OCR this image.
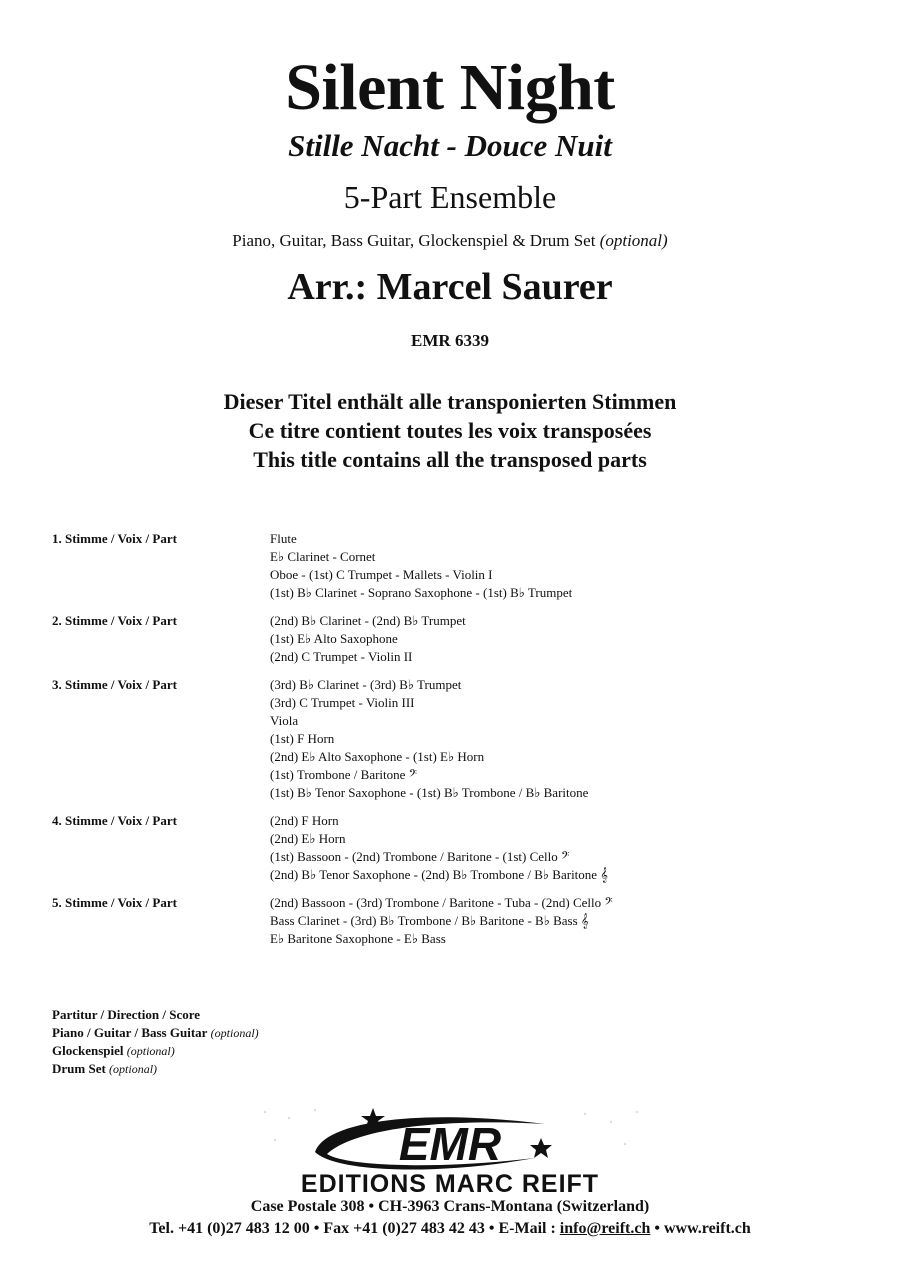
Silent Night
Stille Nacht - Douce Nuit
5-Part Ensemble
Piano, Guitar, Bass Guitar, Glockenspiel & Drum Set (optional)
Arr.: Marcel Saurer
EMR 6339
Dieser Titel enthält alle transponierten Stimmen
Ce titre contient toutes les voix transposées
This title contains all the transposed parts
1. Stimme / Voix / Part	Flute
E♭ Clarinet - Cornet
Oboe - (1st) C Trumpet - Mallets - Violin I
(1st) B♭ Clarinet - Soprano Saxophone - (1st) B♭ Trumpet
2. Stimme / Voix / Part	(2nd) B♭ Clarinet - (2nd) B♭ Trumpet
(1st) E♭ Alto Saxophone
(2nd) C Trumpet - Violin II
3. Stimme / Voix / Part	(3rd) B♭ Clarinet - (3rd) B♭ Trumpet
(3rd) C Trumpet - Violin III
Viola
(1st) F Horn
(2nd) E♭ Alto Saxophone - (1st) E♭ Horn
(1st) Trombone / Baritone 𝄢
(1st) B♭ Tenor Saxophone - (1st) B♭ Trombone / B♭ Baritone
4. Stimme / Voix / Part	(2nd) F Horn
(2nd) E♭ Horn
(1st) Bassoon - (2nd) Trombone / Baritone - (1st) Cello 𝄢
(2nd) B♭ Tenor Saxophone - (2nd) B♭ Trombone / B♭ Baritone 𝄞
5. Stimme / Voix / Part	(2nd) Bassoon - (3rd) Trombone / Baritone - Tuba - (2nd) Cello 𝄢
Bass Clarinet - (3rd) B♭ Trombone / B♭ Baritone - B♭ Bass 𝄞
E♭ Baritone Saxophone - E♭ Bass
Partitur / Direction / Score
Piano / Guitar / Bass Guitar (optional)
Glockenspiel (optional)
Drum Set (optional)
EMR
EDITIONS MARC REIFT
Case Postale 308 • CH-3963 Crans-Montana (Switzerland)
Tel. +41 (0)27 483 12 00 • Fax +41 (0)27 483 42 43 • E-Mail : info@reift.ch • www.reift.ch
